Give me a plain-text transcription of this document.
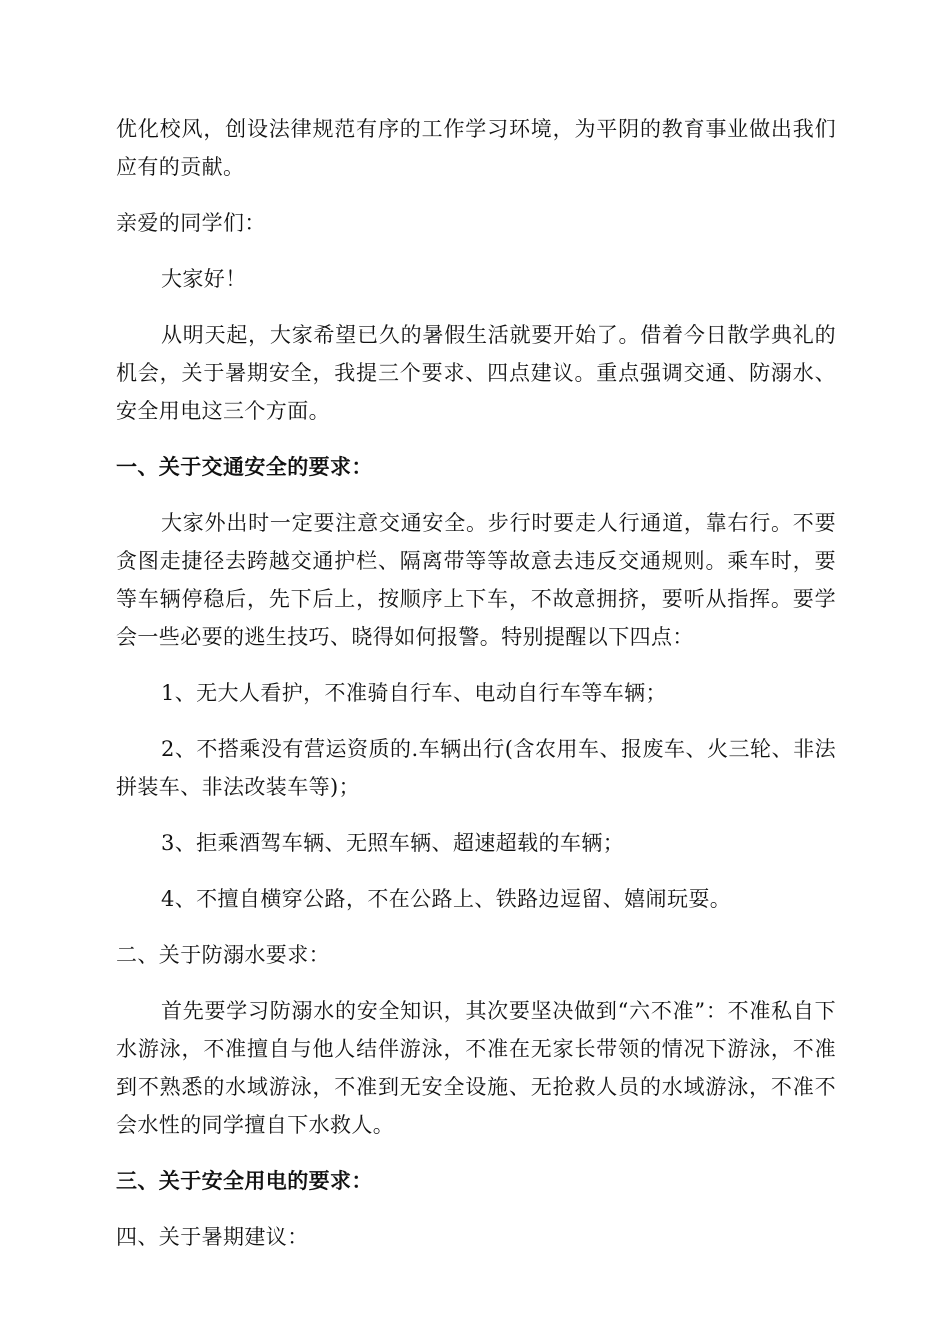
优化校风，创设法律规范有序的工作学习环境，为平阴的教育事业做出我们应有的贡献。

亲爱的同学们：

大家好！

从明天起，大家希望已久的暑假生活就要开始了。借着今日散学典礼的机会，关于暑期安全，我提三个要求、四点建议。重点强调交通、防溺水、安全用电这三个方面。

一、关于交通安全的要求：

大家外出时一定要注意交通安全。步行时要走人行通道，靠右行。不要贪图走捷径去跨越交通护栏、隔离带等等故意去违反交通规则。乘车时，要等车辆停稳后，先下后上，按顺序上下车，不故意拥挤，要听从指挥。要学会一些必要的逃生技巧、晓得如何报警。特别提醒以下四点：

1、无大人看护，不准骑自行车、电动自行车等车辆；

2、不搭乘没有营运资质的.车辆出行(含农用车、报废车、火三轮、非法拼装车、非法改装车等)；

3、拒乘酒驾车辆、无照车辆、超速超载的车辆；

4、不擅自横穿公路，不在公路上、铁路边逗留、嬉闹玩耍。

二、关于防溺水要求：

首先要学习防溺水的安全知识，其次要坚决做到“六不准”：不准私自下水游泳，不准擅自与他人结伴游泳，不准在无家长带领的情况下游泳，不准到不熟悉的水域游泳，不准到无安全设施、无抢救人员的水域游泳，不准不会水性的同学擅自下水救人。

三、关于安全用电的要求：

四、关于暑期建议：
